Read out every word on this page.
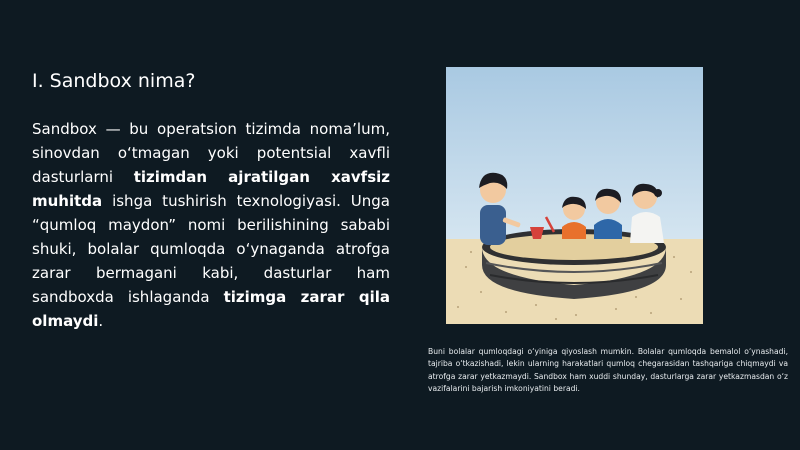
I. Sandbox nima?

Sandbox — bu operatsion tizimda noma’lum, sinovdan o‘tmagan yoki potentsial xavfli dasturlarni tizimdan ajratilgan xavfsiz muhitda ishga tushirish texnologiyasi. Unga “qumloq maydon” nomi berilishining sababi shuki, bolalar qumloqda o‘ynaganda atrofga zarar bermagani kabi, dasturlar ham sandboxda ishlaganda tizimga zarar qila olmaydi.

Buni bolalar qumloqdagi o‘yiniga qiyoslash mumkin. Bolalar qumloqda bemalol o‘ynashadi, tajriba o‘tkazishadi, lekin ularning harakatlari qumloq chegarasidan tashqariga chiqmaydi va atrofga zarar yetkazmaydi. Sandbox ham xuddi shunday, dasturlarga zarar yetkazmasdan o‘z vazifalarini bajarish imkoniyatini beradi.
